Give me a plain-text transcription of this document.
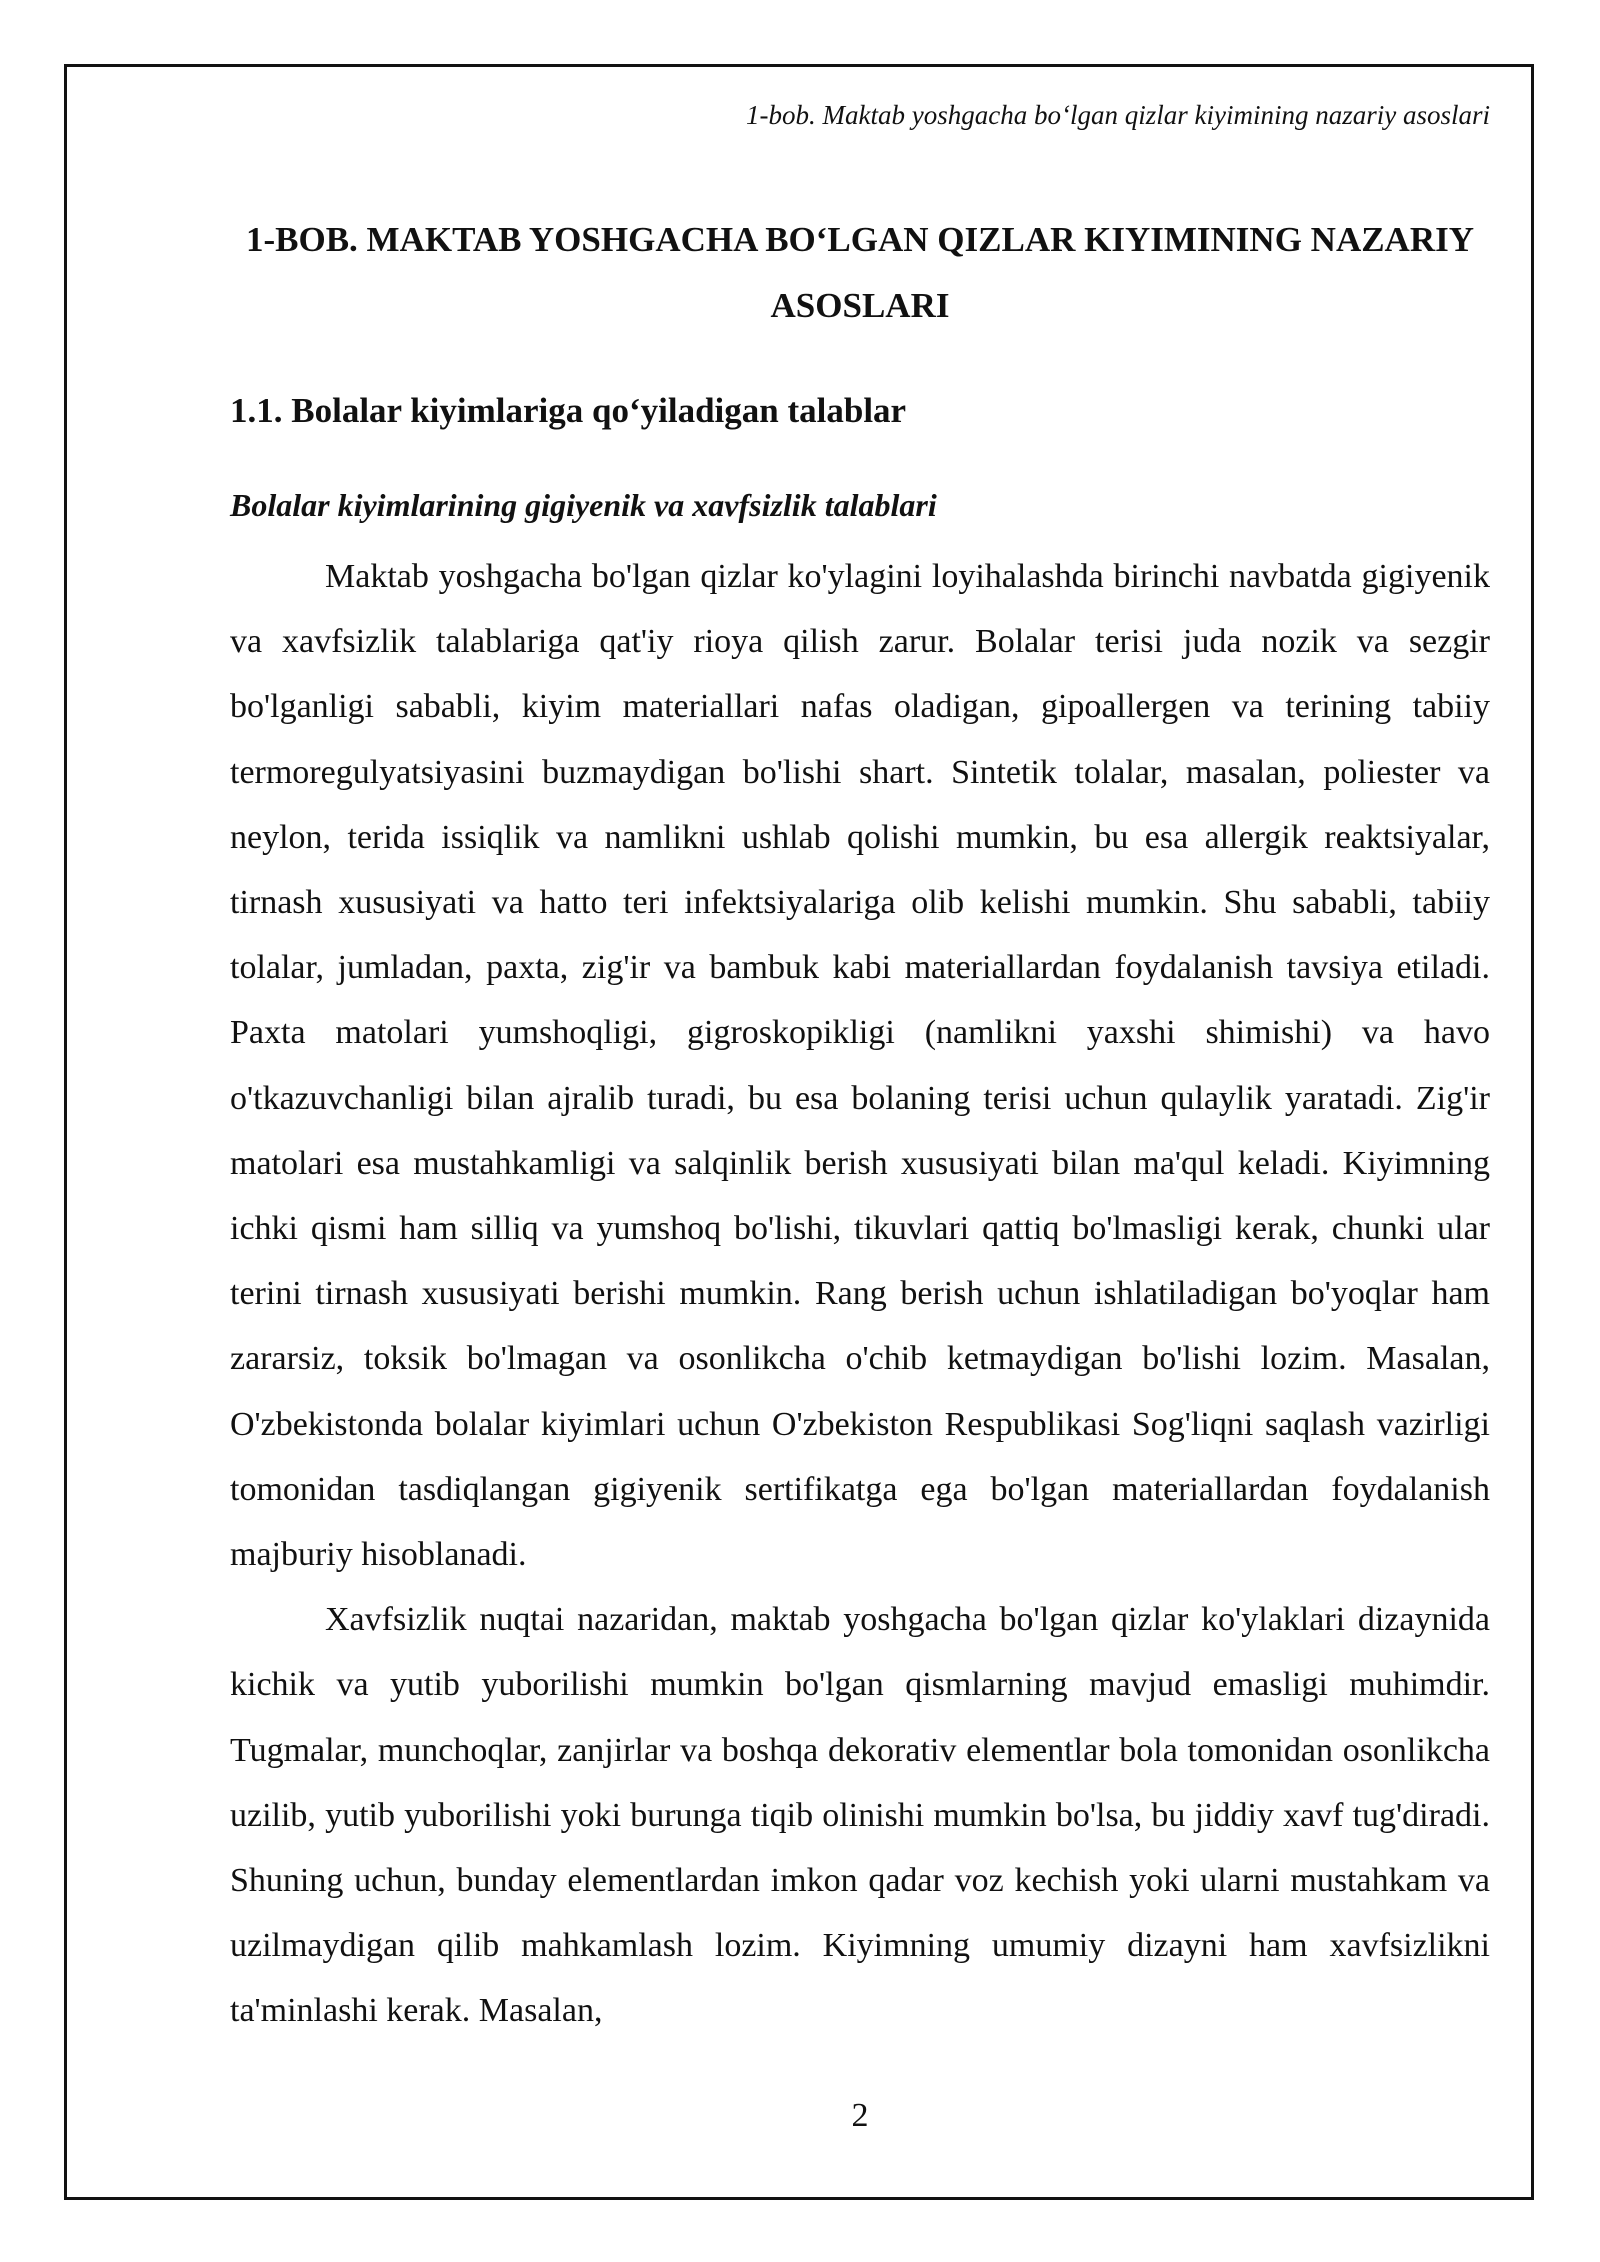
1-bob. Maktab yoshgacha bo‘lgan qizlar kiyimining nazariy asoslari
1-BOB. MAKTAB YOSHGACHA BO‘LGAN QIZLAR KIYIMINING NAZARIY ASOSLARI
1.1. Bolalar kiyimlariga qo‘yiladigan talablar
Bolalar kiyimlarining gigiyenik va xavfsizlik talablari

Maktab yoshgacha bo'lgan qizlar ko'ylagini loyihalashda birinchi navbatda gigiyenik va xavfsizlik talablariga qat'iy rioya qilish zarur. Bolalar terisi juda nozik va sezgir bo'lganligi sababli, kiyim materiallari nafas oladigan, gipoallergen va terining tabiiy termoregulyatsiyasini buzmaydigan bo'lishi shart. Sintetik tolalar, masalan, poliester va neylon, terida issiqlik va namlikni ushlab qolishi mumkin, bu esa allergik reaktsiyalar, tirnash xususiyati va hatto teri infektsiyalariga olib kelishi mumkin. Shu sababli, tabiiy tolalar, jumladan, paxta, zig'ir va bambuk kabi materiallardan foydalanish tavsiya etiladi. Paxta matolari yumshoqligi, gigroskopikligi (namlikni yaxshi shimishi) va havo o'tkazuvchanligi bilan ajralib turadi, bu esa bolaning terisi uchun qulaylik yaratadi. Zig'ir matolari esa mustahkamligi va salqinlik berish xususiyati bilan ma'qul keladi. Kiyimning ichki qismi ham silliq va yumshoq bo'lishi, tikuvlari qattiq bo'lmasligi kerak, chunki ular terini tirnash xususiyati berishi mumkin. Rang berish uchun ishlatiladigan bo'yoqlar ham zararsiz, toksik bo'lmagan va osonlikcha o'chib ketmaydigan bo'lishi lozim. Masalan, O'zbekistonda bolalar kiyimlari uchun O'zbekiston Respublikasi Sog'liqni saqlash vazirligi tomonidan tasdiqlangan gigiyenik sertifikatga ega bo'lgan materiallardan foydalanish majburiy hisoblanadi.

Xavfsizlik nuqtai nazaridan, maktab yoshgacha bo'lgan qizlar ko'ylaklari dizaynida kichik va yutib yuborilishi mumkin bo'lgan qismlarning mavjud emasligi muhimdir. Tugmalar, munchoqlar, zanjirlar va boshqa dekorativ elementlar bola tomonidan osonlikcha uzilib, yutib yuborilishi yoki burunga tiqib olinishi mumkin bo'lsa, bu jiddiy xavf tug'diradi. Shuning uchun, bunday elementlardan imkon qadar voz kechish yoki ularni mustahkam va uzilmaydigan qilib mahkamlash lozim. Kiyimning umumiy dizayni ham xavfsizlikni ta'minlashi kerak. Masalan,

2
